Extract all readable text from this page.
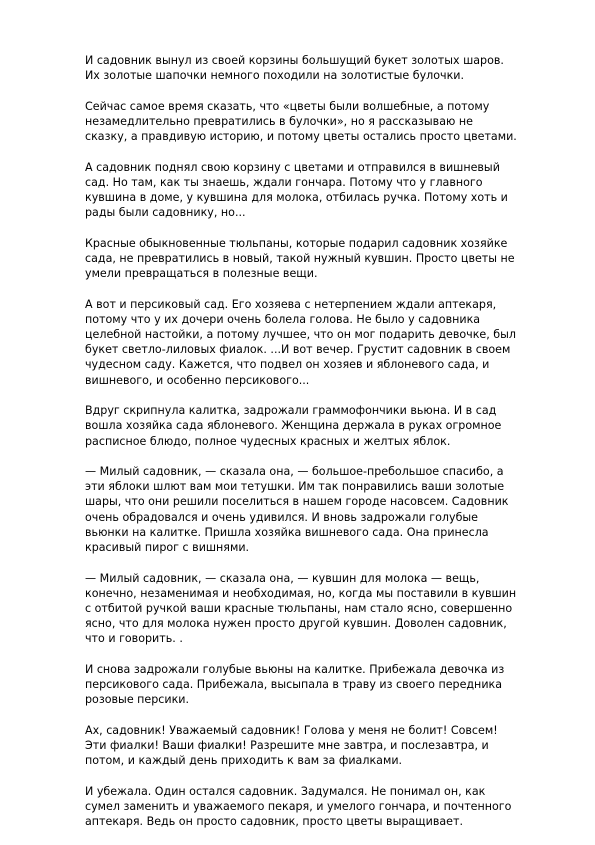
И садовник вынул из своей корзины большущий букет золотых шаров.
Их золотые шапочки немного походили на золотистые булочки.

Сейчас самое время сказать, что «цветы были волшебные, а потому
незамедлительно превратились в булочки», но я рассказываю не
сказку, а правдивую историю, и потому цветы остались просто цветами.

А садовник поднял свою корзину с цветами и отправился в вишневый
сад. Но там, как ты знаешь, ждали гончара. Потому что у главного
кувшина в доме, у кувшина для молока, отбилась ручка. Потому хоть и
рады были садовнику, но...

Красные обыкновенные тюльпаны, которые подарил садовник хозяйке
сада, не превратились в новый, такой нужный кувшин. Просто цветы не
умели превращаться в полезные вещи.

А вот и персиковый сад. Его хозяева с нетерпением ждали аптекаря,
потому что у их дочери очень болела голова. Не было у садовника
целебной настойки, а потому лучшее, что он мог подарить девочке, был
букет светло-лиловых фиалок. ...И вот вечер. Грустит садовник в своем
чудесном саду. Кажется, что подвел он хозяев и яблоневого сада, и
вишневого, и особенно персикового...

Вдруг скрипнула калитка, задрожали граммофончики вьюна. И в сад
вошла хозяйка сада яблоневого. Женщина держала в руках огромное
расписное блюдо, полное чудесных красных и желтых яблок.

— Милый садовник, — сказала она, — большое-пребольшое спасибо, а
эти яблоки шлют вам мои тетушки. Им так понравились ваши золотые
шары, что они решили поселиться в нашем городе насовсем. Садовник
очень обрадовался и очень удивился. И вновь задрожали голубые
вьюнки на калитке. Пришла хозяйка вишневого сада. Она принесла
красивый пирог с вишнями.

— Милый садовник, — сказала она, — кувшин для молока — вещь,
конечно, незаменимая и необходимая, но, когда мы поставили в кувшин
с отбитой ручкой ваши красные тюльпаны, нам стало ясно, совершенно
ясно, что для молока нужен просто другой кувшин. Доволен садовник,
что и говорить. .

И снова задрожали голубые вьюны на калитке. Прибежала девочка из
персикового сада. Прибежала, высыпала в траву из своего передника
розовые персики.

Ах, садовник! Уважаемый садовник! Голова у меня не болит! Совсем!
Эти фиалки! Ваши фиалки! Разрешите мне завтра, и послезавтра, и
потом, и каждый день приходить к вам за фиалками.

И убежала. Один остался садовник. Задумался. Не понимал он, как
сумел заменить и уважаемого пекаря, и умелого гончара, и почтенного
аптекаря. Ведь он просто садовник, просто цветы выращивает.
